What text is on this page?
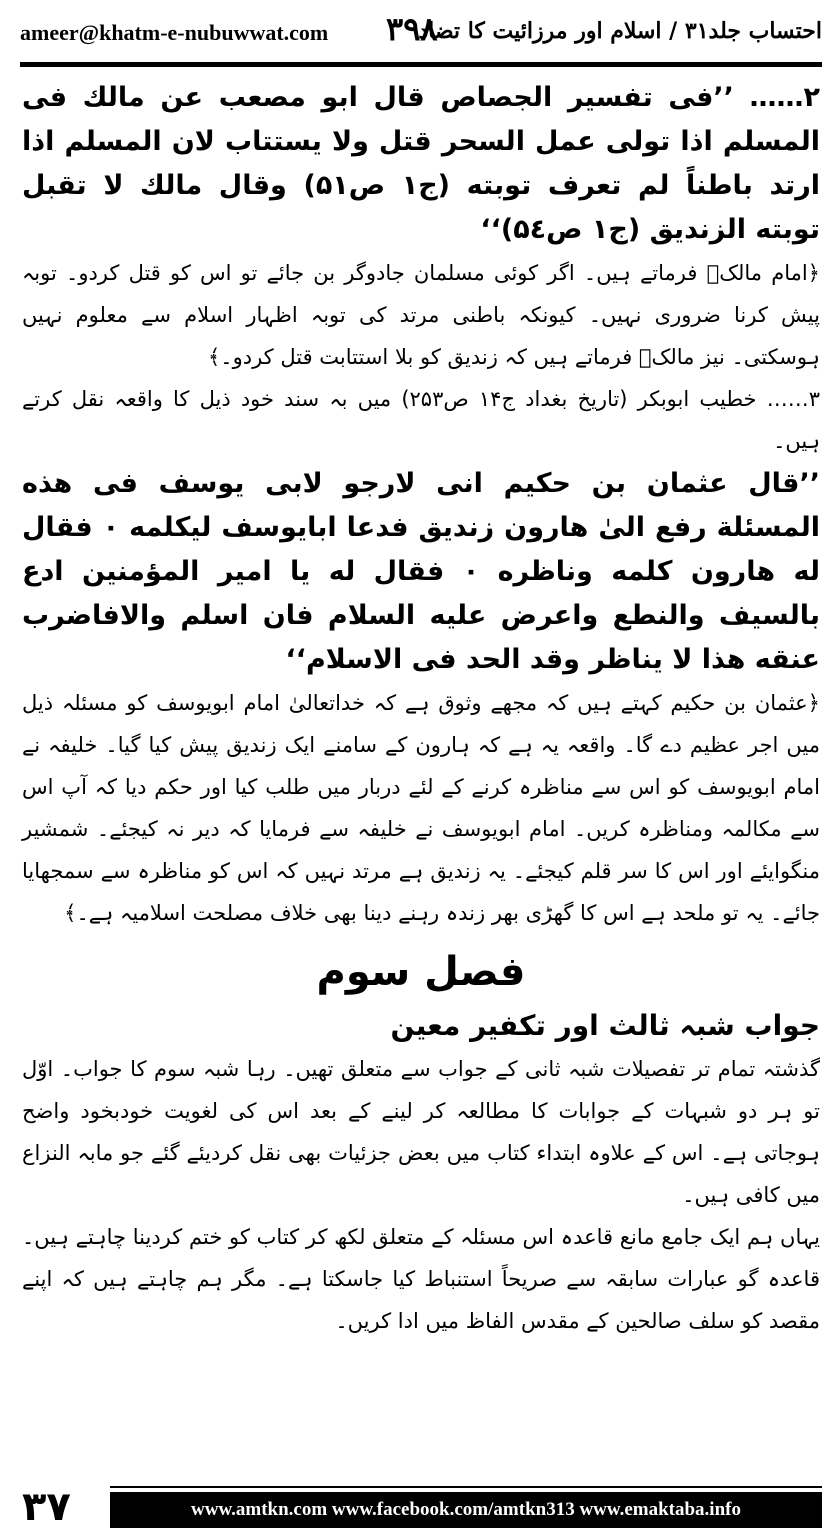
ameer@khatm-e-nubuwwat.com ۳۹۸
احتساب جلد۳۱ / اسلام اور مرزائیت کا تضاد

۲…… ’’فی تفسیر الجصاص قال ابو مصعب عن مالك فی المسلم اذا تولی عمل السحر قتل ولا یستتاب لان المسلم اذا ارتد باطناً لم تعرف توبته (ج۱ ص۵۱) وقال مالك لا تقبل توبته الزندیق (ج۱ ص۵٤)‘‘

﴿امام مالکؒ فرماتے ہیں۔ اگر کوئی مسلمان جادوگر بن جائے تو اس کو قتل کردو۔ توبہ پیش کرنا ضروری نہیں۔ کیونکہ باطنی مرتد کی توبہ اظہار اسلام سے معلوم نہیں ہوسکتی۔ نیز مالکؒ فرماتے ہیں کہ زندیق کو بلا استتابت قتل کردو۔﴾

۳…… خطیب ابوبکر (تاریخ بغداد ج۱۴ ص۲۵۳) میں بہ سند خود ذیل کا واقعہ نقل کرتے ہیں۔

’’قال عثمان بن حکیم انی لارجو لابی یوسف فی هذه المسئلة رفع الیٰ هارون زندیق فدعا ابایوسف لیکلمه ۰ فقال له هارون کلمه وناظره ۰ فقال له یا امیر المؤمنین ادع بالسیف والنطع واعرض علیه السلام فان اسلم والافاضرب عنقه هذا لا یناظر وقد الحد فی الاسلام‘‘

﴿عثمان بن حکیم کہتے ہیں کہ مجھے وثوق ہے کہ خداتعالیٰ امام ابویوسف کو مسئلہ ذیل میں اجر عظیم دے گا۔ واقعہ یہ ہے کہ ہارون کے سامنے ایک زندیق پیش کیا گیا۔ خلیفہ نے امام ابویوسف کو اس سے مناظرہ کرنے کے لئے دربار میں طلب کیا اور حکم دیا کہ آپ اس سے مکالمہ ومناظرہ کریں۔ امام ابویوسف نے خلیفہ سے فرمایا کہ دیر نہ کیجئے۔ شمشیر منگوایئے اور اس کا سر قلم کیجئے۔ یہ زندیق ہے مرتد نہیں کہ اس کو مناظرہ سے سمجھایا جائے۔ یہ تو ملحد ہے اس کا گھڑی بھر زندہ رہنے دینا بھی خلاف مصلحت اسلامیہ ہے۔﴾

فصل سوم
جواب شبہ ثالث اور تکفیر معین

گذشتہ تمام تر تفصیلات شبہ ثانی کے جواب سے متعلق تھیں۔ رہا شبہ سوم کا جواب۔ اوّل تو ہر دو شبہات کے جوابات کا مطالعہ کر لینے کے بعد اس کی لغویت خودبخود واضح ہوجاتی ہے۔ اس کے علاوہ ابتداء کتاب میں بعض جزئیات بھی نقل کردیئے گئے جو مابہ النزاع میں کافی ہیں۔

یہاں ہم ایک جامع مانع قاعدہ اس مسئلہ کے متعلق لکھ کر کتاب کو ختم کردینا چاہتے ہیں۔ قاعدہ گو عبارات سابقہ سے صریحاً استنباط کیا جاسکتا ہے۔ مگر ہم چاہتے ہیں کہ اپنے مقصد کو سلف صالحین کے مقدس الفاظ میں ادا کریں۔

۳۷	www.amtkn.com www.facebook.com/amtkn313 www.emaktaba.info
